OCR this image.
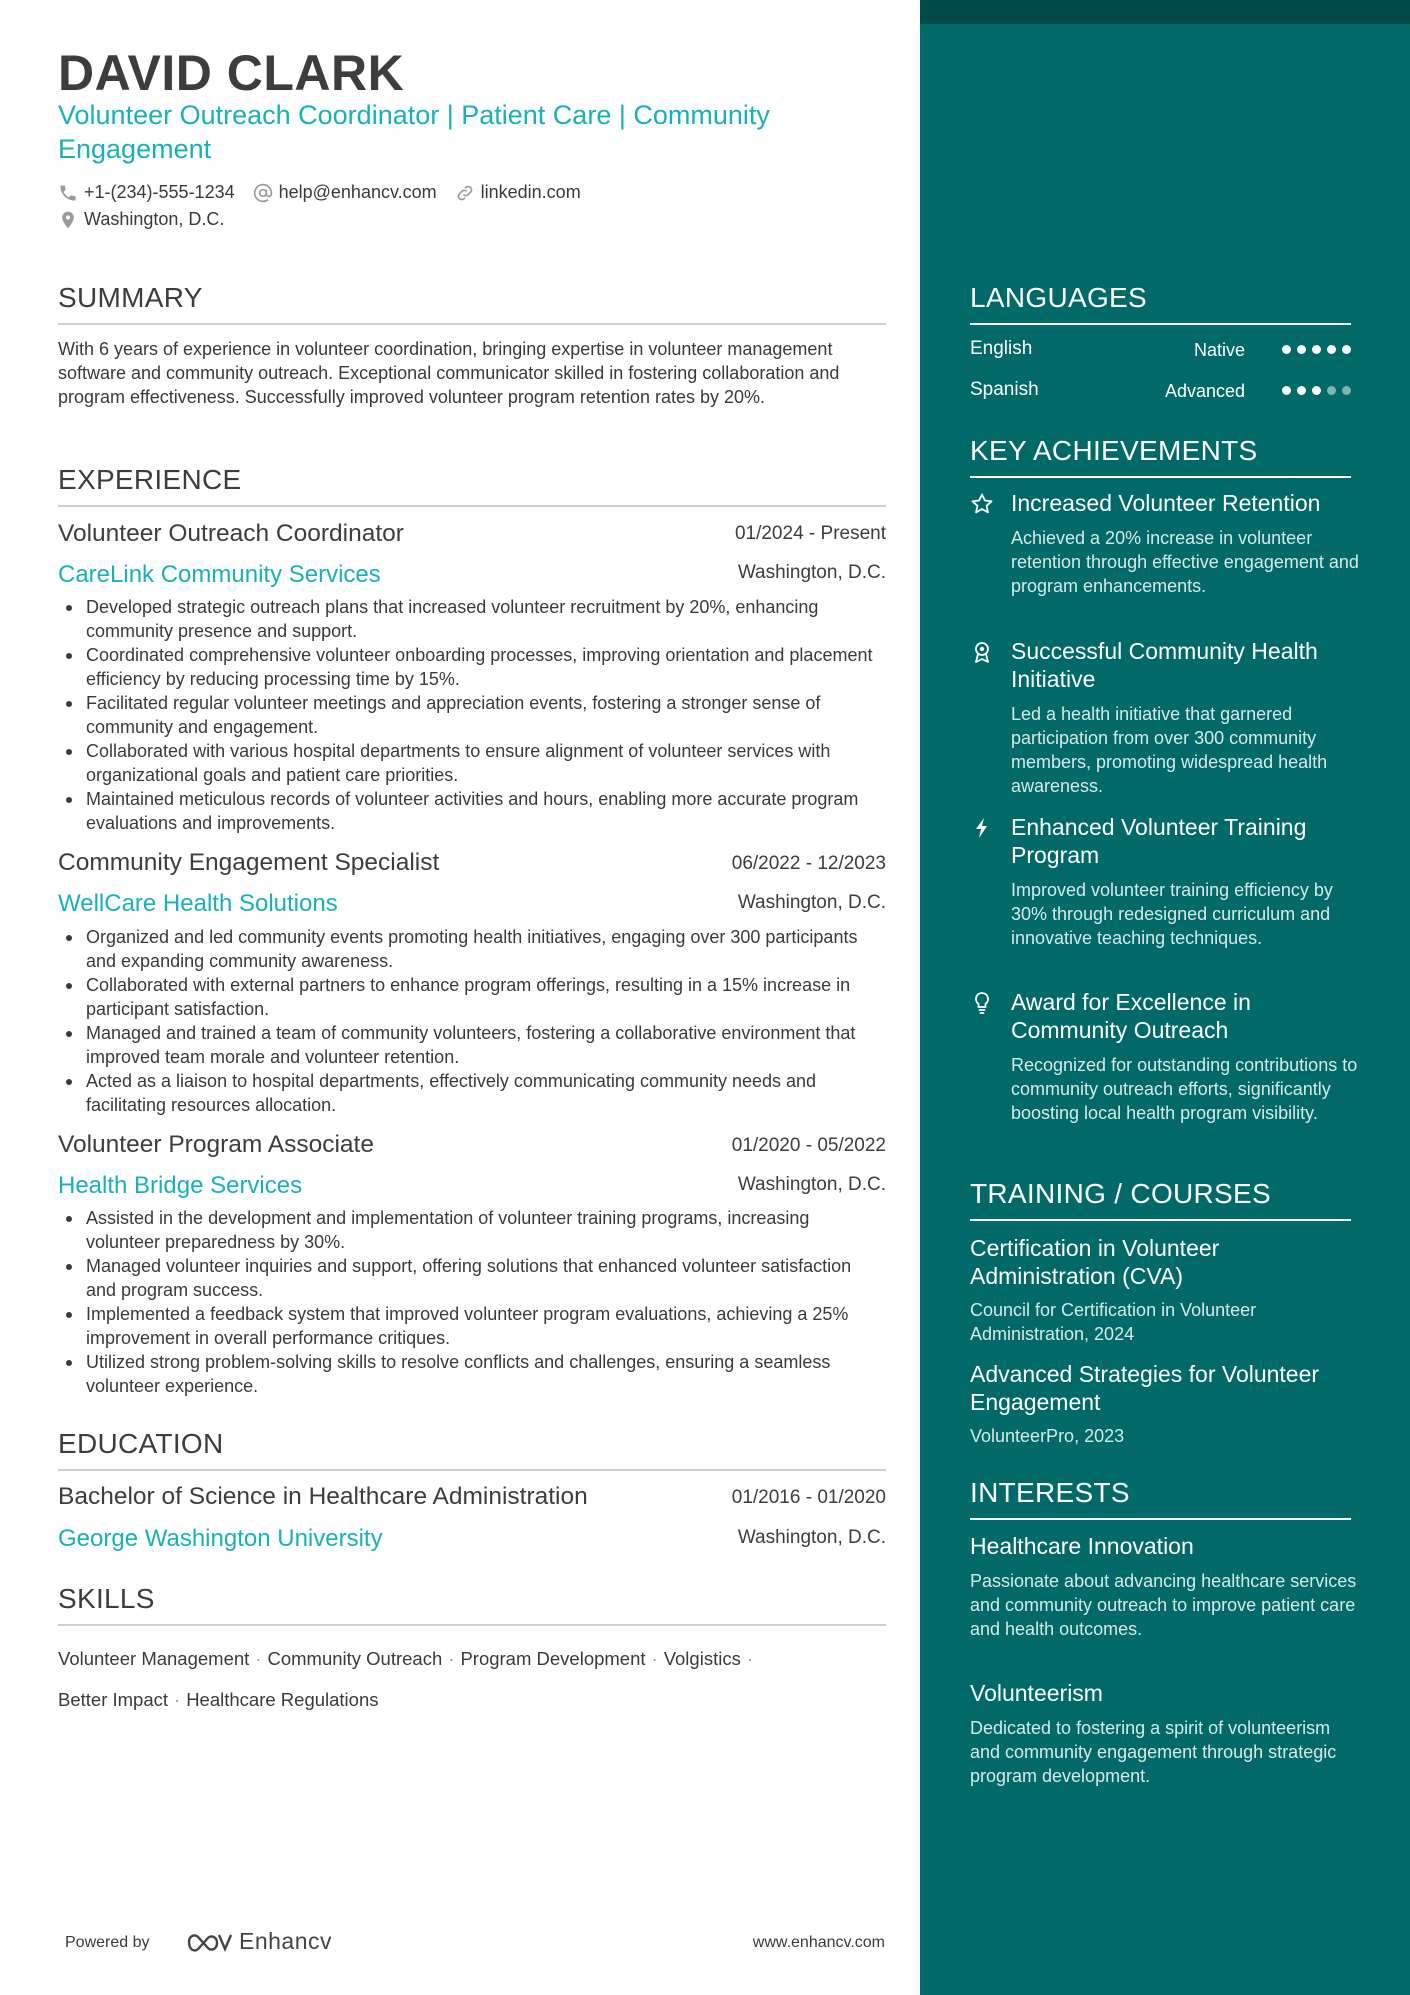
DAVID CLARK
Volunteer Outreach Coordinator | Patient Care | Community Engagement
+1-(234)-555-1234 help@enhancv.com linkedin.com
Washington, D.C.
SUMMARY
With 6 years of experience in volunteer coordination, bringing expertise in volunteer management software and community outreach. Exceptional communicator skilled in fostering collaboration and program effectiveness. Successfully improved volunteer program retention rates by 20%.
EXPERIENCE
Volunteer Outreach Coordinator	01/2024 - Present
CareLink Community Services	Washington, D.C.
Developed strategic outreach plans that increased volunteer recruitment by 20%, enhancing community presence and support.
Coordinated comprehensive volunteer onboarding processes, improving orientation and placement efficiency by reducing processing time by 15%.
Facilitated regular volunteer meetings and appreciation events, fostering a stronger sense of community and engagement.
Collaborated with various hospital departments to ensure alignment of volunteer services with organizational goals and patient care priorities.
Maintained meticulous records of volunteer activities and hours, enabling more accurate program evaluations and improvements.
Community Engagement Specialist	06/2022 - 12/2023
WellCare Health Solutions	Washington, D.C.
Organized and led community events promoting health initiatives, engaging over 300 participants and expanding community awareness.
Collaborated with external partners to enhance program offerings, resulting in a 15% increase in participant satisfaction.
Managed and trained a team of community volunteers, fostering a collaborative environment that improved team morale and volunteer retention.
Acted as a liaison to hospital departments, effectively communicating community needs and facilitating resources allocation.
Volunteer Program Associate	01/2020 - 05/2022
Health Bridge Services	Washington, D.C.
Assisted in the development and implementation of volunteer training programs, increasing volunteer preparedness by 30%.
Managed volunteer inquiries and support, offering solutions that enhanced volunteer satisfaction and program success.
Implemented a feedback system that improved volunteer program evaluations, achieving a 25% improvement in overall performance critiques.
Utilized strong problem-solving skills to resolve conflicts and challenges, ensuring a seamless volunteer experience.
EDUCATION
Bachelor of Science in Healthcare Administration	01/2016 - 01/2020
George Washington University	Washington, D.C.
SKILLS
Volunteer Management · Community Outreach · Program Development · Volgistics ·
Better Impact · Healthcare Regulations
Powered by	Enhancv	www.enhancv.com
LANGUAGES
English	Native
Spanish	Advanced
KEY ACHIEVEMENTS
Increased Volunteer Retention
Achieved a 20% increase in volunteer retention through effective engagement and program enhancements.
Successful Community Health Initiative
Led a health initiative that garnered participation from over 300 community members, promoting widespread health awareness.
Enhanced Volunteer Training Program
Improved volunteer training efficiency by 30% through redesigned curriculum and innovative teaching techniques.
Award for Excellence in Community Outreach
Recognized for outstanding contributions to community outreach efforts, significantly boosting local health program visibility.
TRAINING / COURSES
Certification in Volunteer Administration (CVA)
Council for Certification in Volunteer Administration, 2024
Advanced Strategies for Volunteer Engagement
VolunteerPro, 2023
INTERESTS
Healthcare Innovation
Passionate about advancing healthcare services and community outreach to improve patient care and health outcomes.
Volunteerism
Dedicated to fostering a spirit of volunteerism and community engagement through strategic program development.
